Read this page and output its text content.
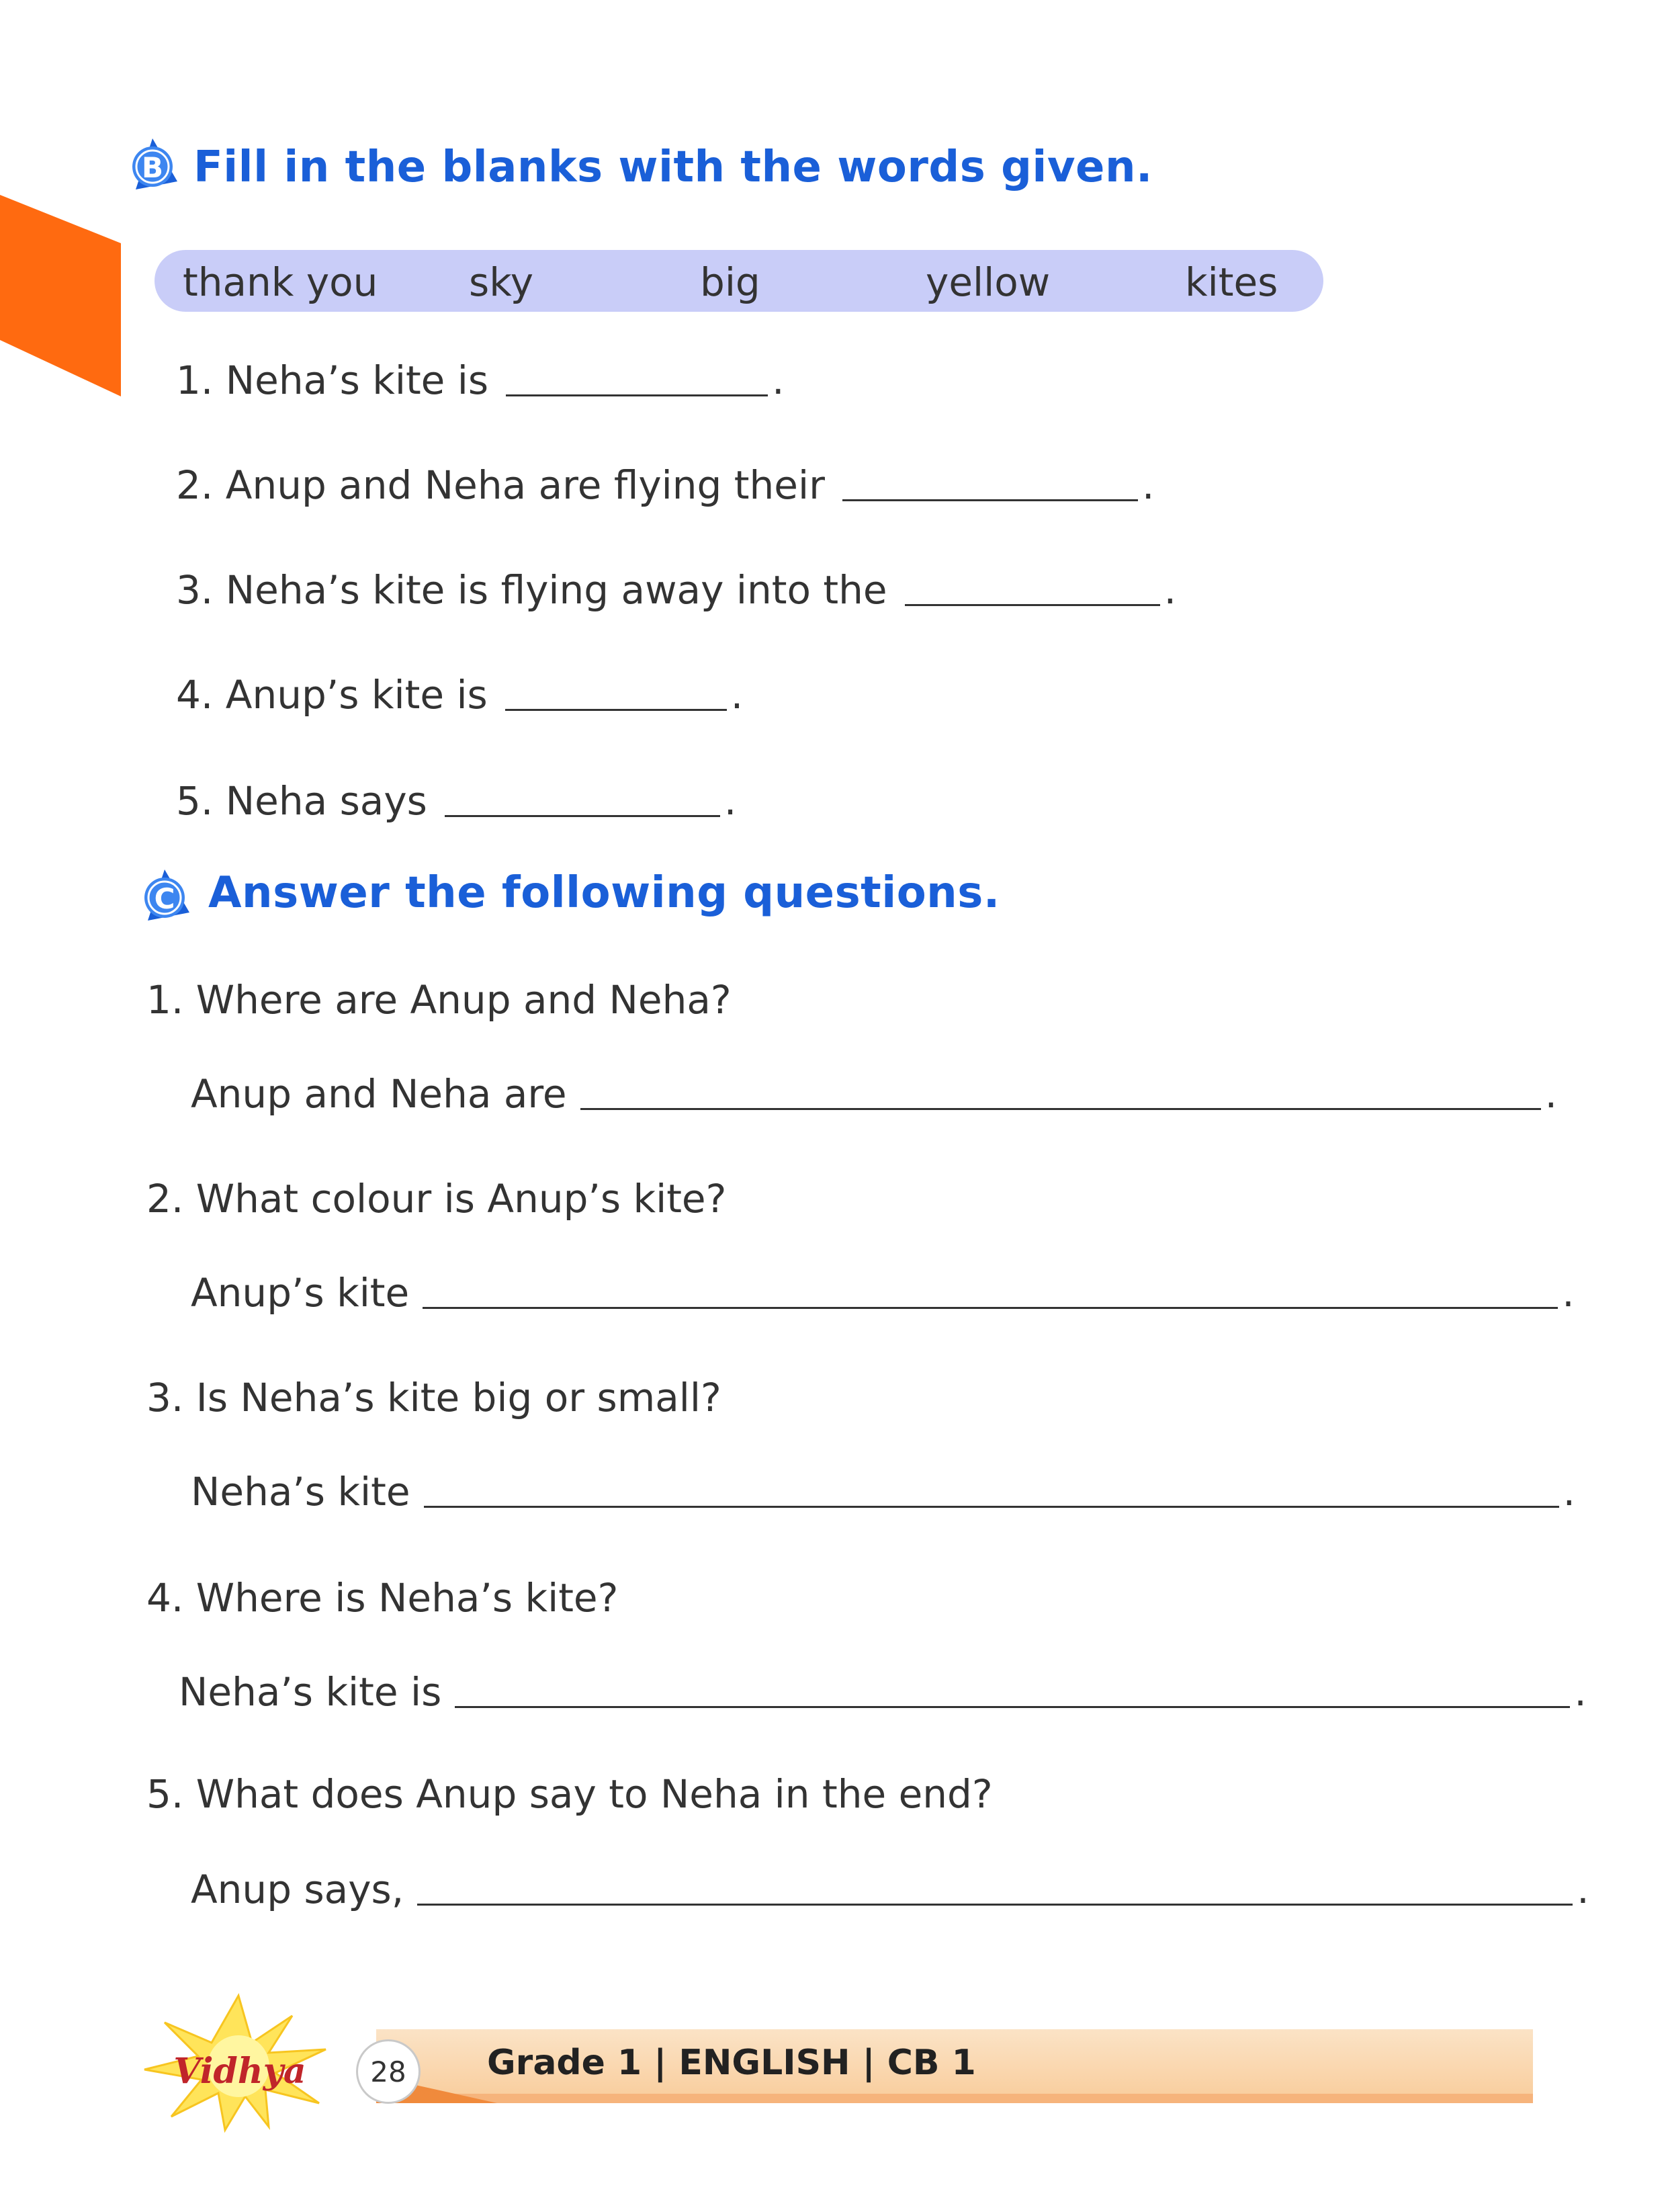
B Fill in the blanks with the words given.
thank you sky	big	yellow	kites
1. Neha’s kite is	.
2. Anup and Neha are flying their	.
3. Neha’s kite is flying away into the	.
4. Anup’s kite is	.
5. Neha says	.
C Answer the following questions.
1. Where are Anup and Neha?
Anup and Neha are	.
2. What colour is Anup’s kite?
Anup’s kite	.
3. Is Neha’s kite big or small?
Neha’s kite	.
4. Where is Neha’s kite?
Neha’s kite is	.
5. What does Anup say to Neha in the end?
Anup says,	.
28	Grade 1 | ENGLISH | CB 1
Vidhya
